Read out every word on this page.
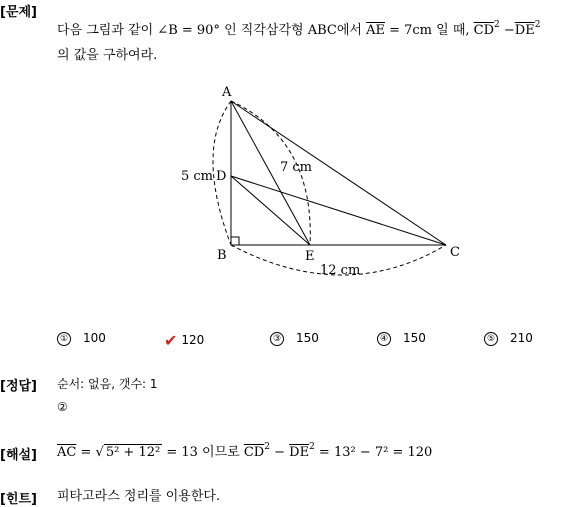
[문제]
다음 그림과 같이 ∠B = 90° 인 직각삼각형 ABC에서 $\overline{AE} = 7cm$ 일 때, $\overline{CD}^2 -\overline{DE}^2$
의 값을 구하여라.
A
B	C
D
E
5 cm
7 cm
12 cm
① 100	✔ 120	③ 150	④ 150	⑤ 210
[정답] 순서: 없음, 갯수: 1
②
[해설] $\overline{AC}$ = √ 5² + 12² = 13 이므로 $\overline{CD}^2 - \overline{DE}^2 = 13^2 - 7^2 = 120$
[힌트] 피타고라스 정리를 이용한다.
